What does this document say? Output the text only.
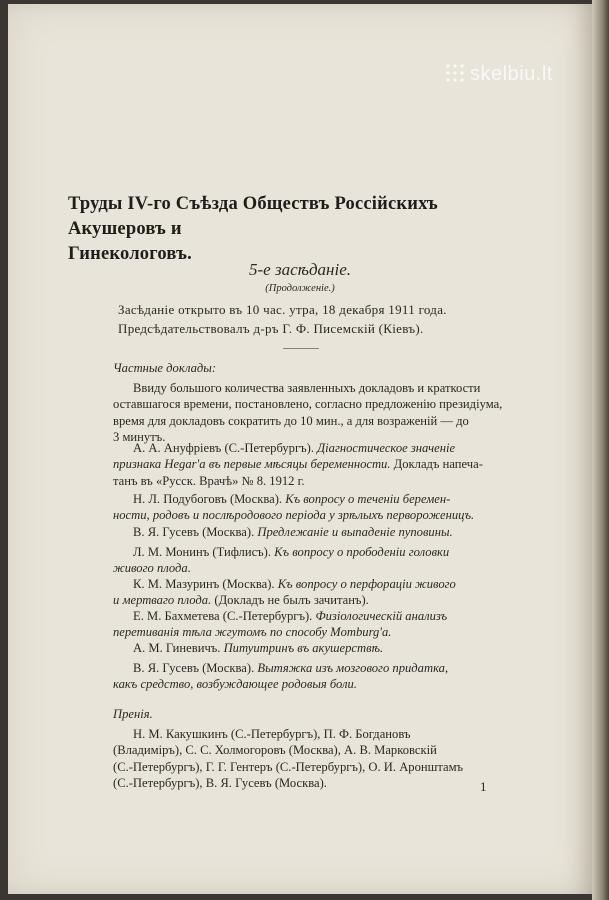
skelbiu.lt
Труды IV-го Съѣзда Обществъ Россійскихъ Акушеровъ и
Гинекологовъ.
5-е засѣданіе.
(Продолженіе.)
Засѣданіе открыто въ 10 час. утра, 18 декабря 1911 года.
Предсѣдательствовалъ д-ръ Г. Ф. Писемскій (Кіевъ).
Частные доклады:
Ввиду большого количества заявленныхъ докладовъ и краткости
оставшагося времени, постановлено, согласно предложенію президіума,
время для докладовъ сократить до 10 мин., а для возраженій — до
3 минутъ.
А. А. Ануфріевъ (С.-Петербургъ). Діагностическое значеніе
признака Hegar'а въ первые мѣсяцы беременности. Докладъ напеча-
танъ въ «Русск. Врачѣ» № 8. 1912 г.
Н. Л. Подубоговъ (Москва). Къ вопросу о теченіи беремен-
ности, родовъ и послѣродового періода у зрѣлыхъ первороженицъ.
В. Я. Гусевъ (Москва). Предлежаніе и выпаденіе пуповины.
Л. М. Монинъ (Тифлисъ). Къ вопросу о прободеніи головки
живого плода.
К. М. Мазуринъ (Москва). Къ вопросу о перфораціи живого
и мертваго плода. (Докладъ не былъ зачитанъ).
Е. М. Бахметева (С.-Петербургъ). Физіологическій анализъ
перетиванія тѣла жгутомъ по способу Momburg'а.
А. М. Гиневичъ. Питуитринъ въ акушерствѣ.
В. Я. Гусевъ (Москва). Вытяжка изъ мозгового придатка,
какъ средство, возбуждающее родовыя боли.
Пренія.
Н. М. Какушкинъ (С.-Петербургъ), П. Ф. Богдановъ
(Владиміръ), С. С. Холмогоровъ (Москва), А. В. Марковскій
(С.-Петербургъ), Г. Г. Гентеръ (С.-Петербургъ), О. И. Аронштамъ
(С.-Петербургъ), В. Я. Гусевъ (Москва).	1
